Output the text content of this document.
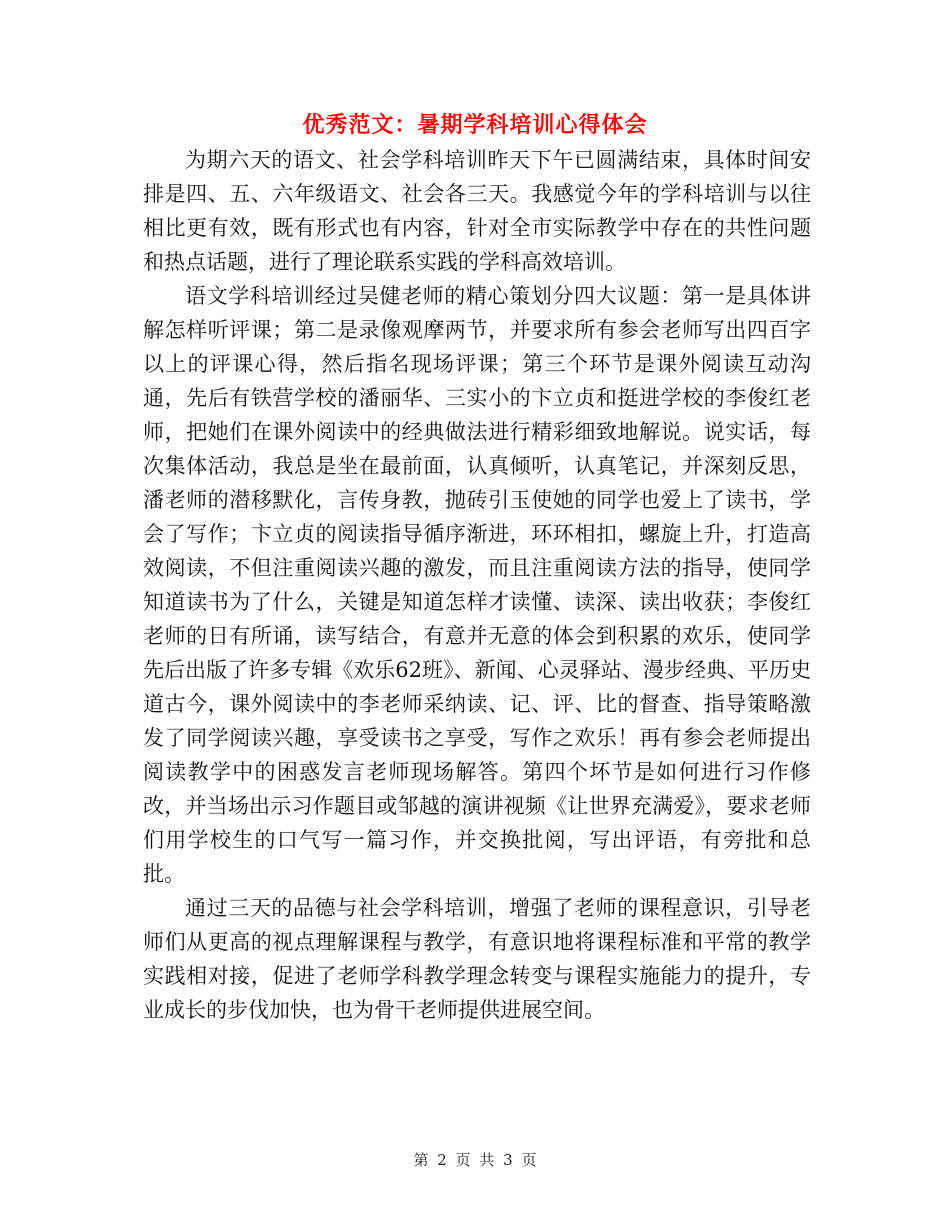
优秀范文：暑期学科培训心得体会

为期六天的语文、社会学科培训昨天下午已圆满结束，具体时间安排是四、五、六年级语文、社会各三天。我感觉今年的学科培训与以往相比更有效，既有形式也有内容，针对全市实际教学中存在的共性问题和热点话题，进行了理论联系实践的学科高效培训。

语文学科培训经过吴健老师的精心策划分四大议题：第一是具体讲解怎样听评课；第二是录像观摩两节，并要求所有参会老师写出四百字以上的评课心得，然后指名现场评课；第三个环节是课外阅读互动沟通，先后有铁营学校的潘丽华、三实小的卞立贞和挺进学校的李俊红老师，把她们在课外阅读中的经典做法进行精彩细致地解说。说实话，每次集体活动，我总是坐在最前面，认真倾听，认真笔记，并深刻反思，潘老师的潜移默化，言传身教，抛砖引玉使她的同学也爱上了读书，学会了写作；卞立贞的阅读指导循序渐进，环环相扣，螺旋上升，打造高效阅读，不但注重阅读兴趣的激发，而且注重阅读方法的指导，使同学知道读书为了什么，关键是知道怎样才读懂、读深、读出收获；李俊红老师的日有所诵，读写结合，有意并无意的体会到积累的欢乐，使同学先后出版了许多专辑《欢乐62班》、新闻、心灵驿站、漫步经典、平历史道古今，课外阅读中的李老师采纳读、记、评、比的督查、指导策略激发了同学阅读兴趣，享受读书之享受，写作之欢乐！再有参会老师提出阅读教学中的困惑发言老师现场解答。第四个坏节是如何进行习作修改，并当场出示习作题目或邹越的演讲视频《让世界充满爱》，要求老师们用学校生的口气写一篇习作，并交换批阅，写出评语，有旁批和总批。

通过三天的品德与社会学科培训，增强了老师的课程意识，引导老师们从更高的视点理解课程与教学，有意识地将课程标准和平常的教学实践相对接，促进了老师学科教学理念转变与课程实施能力的提升，专业成长的步伐加快，也为骨干老师提供进展空间。

第 2 页 共 3 页
